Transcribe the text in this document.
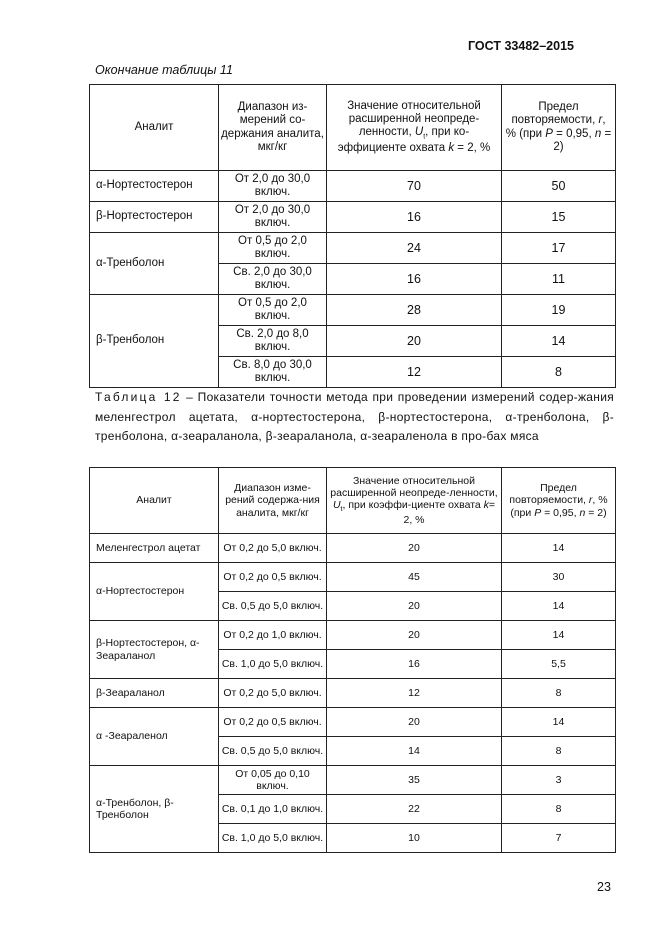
ГОСТ 33482–2015
Окончание таблицы 11
Аналит	Диапазон из-мерений со-держания аналита, мкг/кг	Значение относительной расширенной неопреде-ленности, $U_t$, при ко-эффициенте охвата k = 2, %	Предел повторяемости, r, % (при P = 0,95, n = 2)
α-Нортестостерон	От 2,0 до 30,0 включ.	70	50
β-Нортестостерон	От 2,0 до 30,0 включ.	16	15
α-Тренболон	От 0,5 до 2,0 включ.	24	17
	Св. 2,0 до 30,0 включ.	16	11
β-Тренболон	От 0,5 до 2,0 включ.	28	19
	Св. 2,0 до 8,0 включ.	20	14
	Св. 8,0 до 30,0 включ.	12	8
Таблица 12 – Показатели точности метода при проведении измерений содер-жания меленгестрол ацетата, α-нортестостерона, β-нортестостерона, α-тренболона, β-тренболона, α-зеараланола, β-зеараланола, α-зеараленола в про-бах мяса
Аналит	Диапазон изме-рений содержа-ния аналита, мкг/кг	Значение относительной расширенной неопреде-ленности, $U_t$, при коэффи-циенте охвата k= 2, %	Предел повторяемости, r, % (при P = 0,95, n = 2)
Меленгестрол ацетат	От 0,2 до 5,0 включ.	20	14
α-Нортестостерон	От 0,2 до 0,5 включ.	45	30
	Св. 0,5 до 5,0 включ.	20	14
β-Нортестостерон, α-Зеараланол	От 0,2 до 1,0 включ.	20	14
	Св. 1,0 до 5,0 включ.	16	5,5
β-Зеараланол	От 0,2 до 5,0 включ.	12	8
α -Зеараленол	От 0,2 до 0,5 включ.	20	14
	Св. 0,5 до 5,0 включ.	14	8
α-Тренболон, β-Тренболон	От 0,05 до 0,10 включ.	35	3
	Св. 0,1 до 1,0 включ.	22	8
	Св. 1,0 до 5,0 включ.	10	7
23
